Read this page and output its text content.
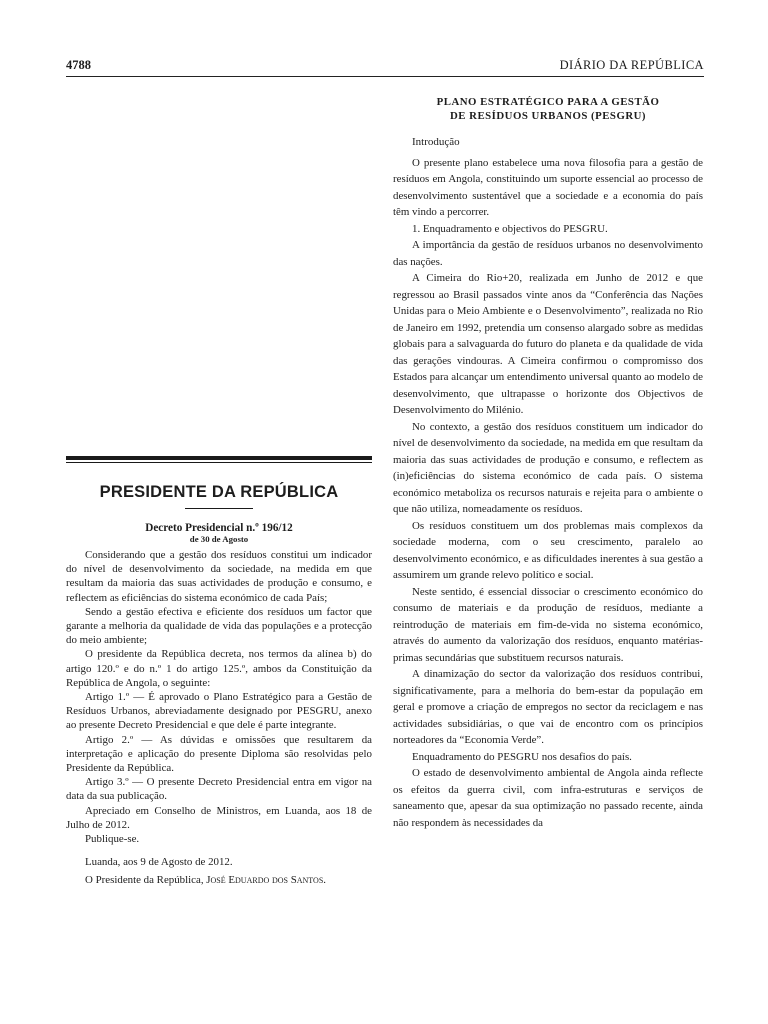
4788	DIÁRIO DA REPÚBLICA
PRESIDENTE DA REPÚBLICA
Decreto Presidencial n.º 196/12
de 30 de Agosto

Considerando que a gestão dos resíduos constitui um indicador do nível de desenvolvimento da sociedade, na medida em que resultam da maioria das suas actividades de produção e consumo, e reflectem as eficiências do sistema económico de cada País;

Sendo a gestão efectiva e eficiente dos resíduos um factor que garante a melhoria da qualidade de vida das populações e a protecção do meio ambiente;

O presidente da República decreta, nos termos da alínea b) do artigo 120.º e do n.º 1 do artigo 125.º, ambos da Constituição da República de Angola, o seguinte:

Artigo 1.º — É aprovado o Plano Estratégico para a Gestão de Resíduos Urbanos, abreviadamente designado por PESGRU, anexo ao presente Decreto Presidencial e que dele é parte integrante.

Artigo 2.º — As dúvidas e omissões que resultarem da interpretação e aplicação do presente Diploma são resolvidas pelo Presidente da República.

Artigo 3.º — O presente Decreto Presidencial entra em vigor na data da sua publicação.

Apreciado em Conselho de Ministros, em Luanda, aos 18 de Julho de 2012.

Publique-se.

Luanda, aos 9 de Agosto de 2012.

O Presidente da República, José Eduardo dos Santos.

PLANO ESTRATÉGICO PARA A GESTÃO
DE RESÍDUOS URBANOS (PESGRU)

Introdução

O presente plano estabelece uma nova filosofia para a gestão de resíduos em Angola, constituindo um suporte essencial ao processo de desenvolvimento sustentável que a sociedade e a economia do país têm vindo a percorrer.

1. Enquadramento e objectivos do PESGRU.

A importância da gestão de resíduos urbanos no desenvolvimento das nações.

A Cimeira do Rio+20, realizada em Junho de 2012 e que regressou ao Brasil passados vinte anos da “Conferência das Nações Unidas para o Meio Ambiente e o Desenvolvimento”, realizada no Rio de Janeiro em 1992, pretendia um consenso alargado sobre as medidas globais para a salvaguarda do futuro do planeta e da qualidade de vida das gerações vindouras. A Cimeira confirmou o compromisso dos Estados para alcançar um entendimento universal quanto ao modelo de desenvolvimento, que ultrapasse o horizonte dos Objectivos de Desenvolvimento do Milénio.

No contexto, a gestão dos resíduos constituem um indicador do nível de desenvolvimento da sociedade, na medida em que resultam da maioria das suas actividades de produção e consumo, e reflectem as (in)eficiências do sistema económico de cada país. O sistema económico metaboliza os recursos naturais e rejeita para o ambiente o que não utiliza, nomeadamente os resíduos.

Os resíduos constituem um dos problemas mais complexos da sociedade moderna, com o seu crescimento, paralelo ao desenvolvimento económico, e as dificuldades inerentes à sua gestão a assumirem um grande relevo político e social.

Neste sentido, é essencial dissociar o crescimento económico do consumo de materiais e da produção de resíduos, mediante a reintrodução de materiais em fim-de-vida no sistema económico, através do aumento da valorização dos resíduos, enquanto matérias-primas secundárias que substituem recursos naturais.

A dinamização do sector da valorização dos resíduos contribui, significativamente, para a melhoria do bem-estar da população em geral e promove a criação de empregos no sector da reciclagem e nas actividades subsidiárias, o que vai de encontro com os princípios norteadores da “Economia Verde”.

Enquadramento do PESGRU nos desafios do país.

O estado de desenvolvimento ambiental de Angola ainda reflecte os efeitos da guerra civil, com infra-estruturas e serviços de saneamento que, apesar da sua optimização no passado recente, ainda não respondem às necessidades da
